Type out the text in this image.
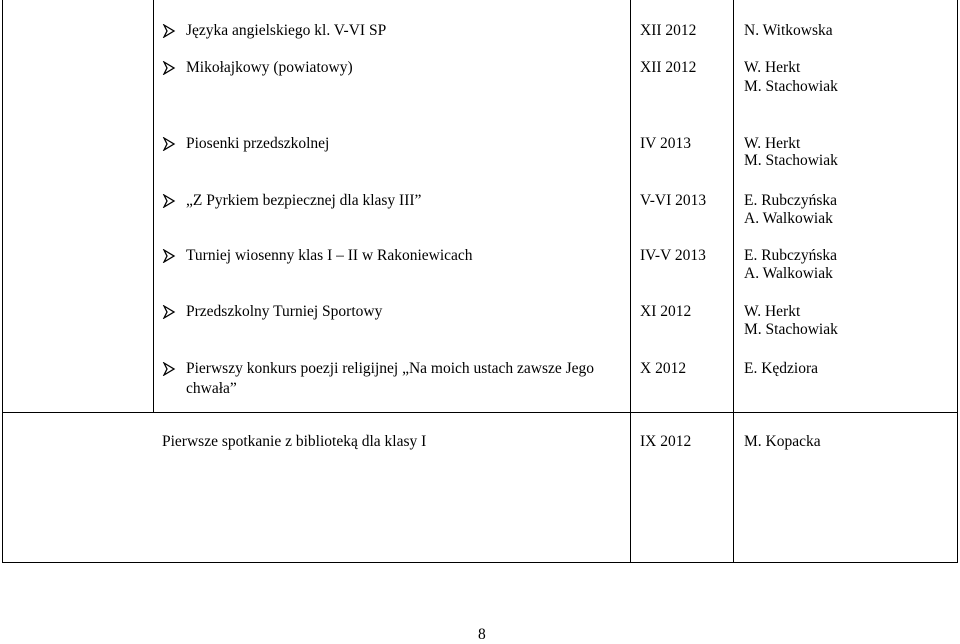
Języka angielskiego kl. V-VI SP	XII 2012	N. Witkowska
Mikołajkowy (powiatowy)	XII 2012	W. Herkt
M. Stachowiak
Piosenki przedszkolnej	IV 2013	W. Herkt
M. Stachowiak
„Z Pyrkiem bezpiecznej dla klasy III”	V-VI 2013 E. Rubczyńska
A. Walkowiak
Turniej wiosenny klas I – II w Rakoniewicach	IV-V 2013 E. Rubczyńska
A. Walkowiak
Przedszkolny Turniej Sportowy	XI 2012	W. Herkt
M. Stachowiak
Pierwszy konkurs poezji religijnej „Na moich ustach zawsze Jego chwała”
X 2012	E. Kędziora
Pierwsze spotkanie z biblioteką dla klasy I	IX 2012	M. Kopacka
8
